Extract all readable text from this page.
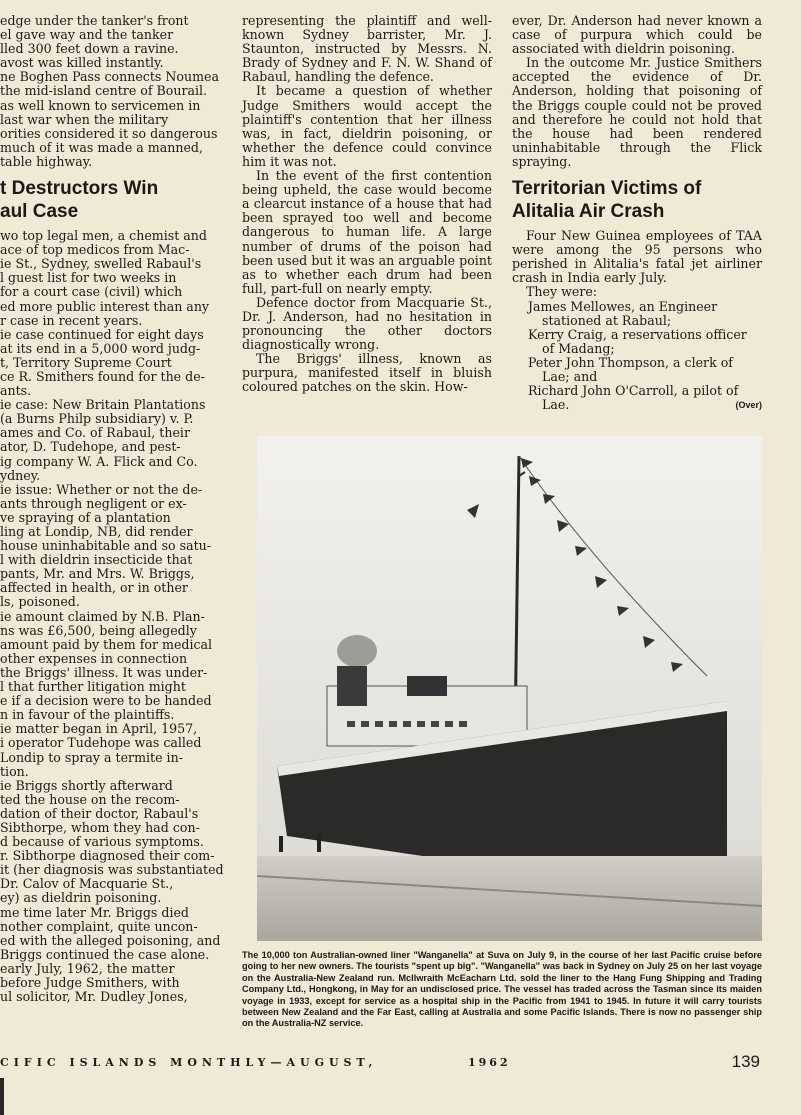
edge under the tanker's front

el gave way and the tanker

lled 300 feet down a ravine.

avost was killed instantly.

ne Boghen Pass connects Noumea

the mid-island centre of Bourail.

as well known to servicemen in

last war when the military

orities considered it so dangerous

much of it was made a manned,

table highway.

t Destructors Win
aul Case

wo top legal men, a chemist and

ace of top medicos from Mac-

ie St., Sydney, swelled Rabaul's

l guest list for two weeks in

for a court case (civil) which

ed more public interest than any

r case in recent years.

ie case continued for eight days

at its end in a 5,000 word judg-

t, Territory Supreme Court

ce R. Smithers found for the de-

ants.

ie case: New Britain Plantations

(a Burns Philp subsidiary) v. P.

ames and Co. of Rabaul, their

ator, D. Tudehope, and pest-

ig company W. A. Flick and Co.

ydney.

ie issue: Whether or not the de-

ants through negligent or ex-

ve spraying of a plantation

ling at Londip, NB, did render

house uninhabitable and so satu-

l with dieldrin insecticide that

pants, Mr. and Mrs. W. Briggs,

affected in health, or in other

ls, poisoned.

ie amount claimed by N.B. Plan-

ns was £6,500, being allegedly

amount paid by them for medical

other expenses in connection

the Briggs' illness. It was under-

l that further litigation might

e if a decision were to be handed

n in favour of the plaintiffs.

ie matter began in April, 1957,

i operator Tudehope was called

Londip to spray a termite in-

tion.

ie Briggs shortly afterward

ted the house on the recom-

dation of their doctor, Rabaul's

Sibthorpe, whom they had con-

d because of various symptoms.

r. Sibthorpe diagnosed their com-

it (her diagnosis was substantiated

Dr. Calov of Macquarie St.,

ey) as dieldrin poisoning.

me time later Mr. Briggs died

nother complaint, quite uncon-

ed with the alleged poisoning, and

Briggs continued the case alone.

early July, 1962, the matter

before Judge Smithers, with

ul solicitor, Mr. Dudley Jones,

representing the plaintiff and well-known Sydney barrister, Mr. J. Staunton, instructed by Messrs. N. Brady of Sydney and F. N. W. Shand of Rabaul, handling the defence.

It became a question of whether Judge Smithers would accept the plaintiff's contention that her illness was, in fact, dieldrin poisoning, or whether the defence could convince him it was not.

In the event of the first contention being upheld, the case would become a clearcut instance of a house that had been sprayed too well and become dangerous to human life. A large number of drums of the poison had been used but it was an arguable point as to whether each drum had been full, part-full on nearly empty.

Defence doctor from Macquarie St., Dr. J. Anderson, had no hesitation in pronouncing the other doctors diagnostically wrong.

The Briggs' illness, known as purpura, manifested itself in bluish coloured patches on the skin. How-

ever, Dr. Anderson had never known a case of purpura which could be associated with dieldrin poisoning.

In the outcome Mr. Justice Smithers accepted the evidence of Dr. Anderson, holding that poisoning of the Briggs couple could not be proved and therefore he could not hold that the house had been rendered uninhabitable through the Flick spraying.

Territorian Victims of
Alitalia Air Crash

Four New Guinea employees of TAA were among the 95 persons who perished in Alitalia's fatal jet airliner crash in India early July.

They were:

James Mellowes, an Engineer stationed at Rabaul;

Kerry Craig, a reservations officer of Madang;

Peter John Thompson, a clerk of Lae; and

Richard John O'Carroll, a pilot of Lae.	(Over)

The 10,000 ton Australian-owned liner "Wanganella" at Suva on July 9, in the course of her last Pacific cruise before going to her new owners. The tourists "spent up big". "Wanganella" was back in Sydney on July 25 on her last voyage on the Australia-New Zealand run. McIlwraith McEacharn Ltd. sold the liner to the Hang Fung Shipping and Trading Company Ltd., Hongkong, in May for an undisclosed price. The vessel has traded across the Tasman since its maiden voyage in 1933, except for service as a hospital ship in the Pacific from 1941 to 1945. In future it will carry tourists between New Zealand and the Far East, calling at Australia and some Pacific Islands. There is now no passenger ship on the Australia-NZ service.
CIFIC ISLANDS MONTHLY—AUGUST,	1962	139
